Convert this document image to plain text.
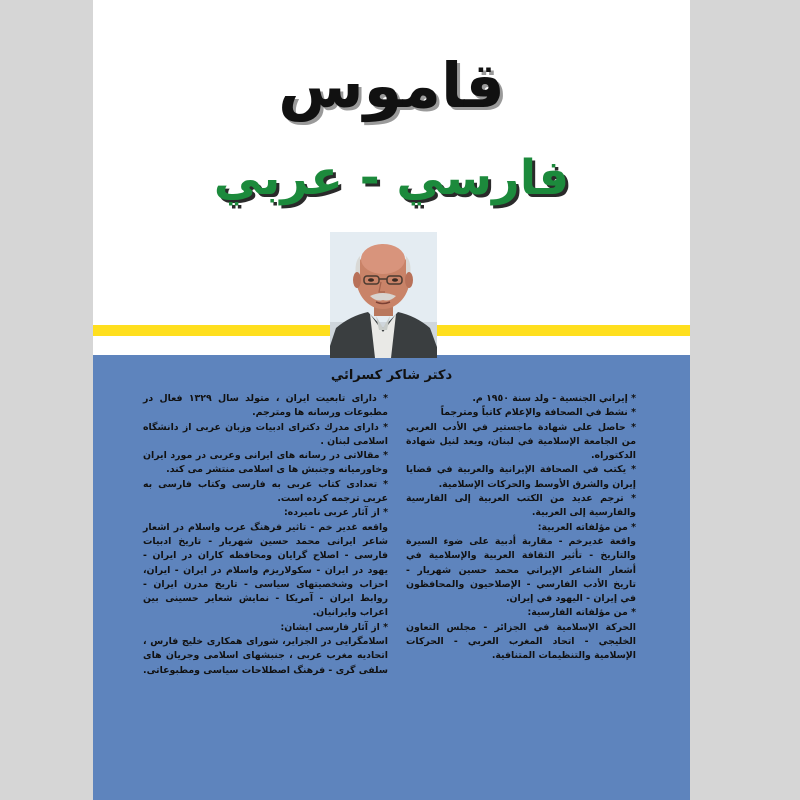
قاموس
فارسي - عربي
دكتر شاكر كسرائي
* داراى تابعيت ايران ، متولد سال ١٣٢٩ فعال در مطبوعات ورسانه ها ومترجم.
* داراى مدرك دكتراى ادبيات وزبان عربى از دانشگاه اسلامى لبنان .
* مقالاتى در رسانه هاى ايرانى وعربى در مورد ايران وخاورميانه وجنبش ها ى اسلامى منتشر مى كند.
* تعدادى كتاب عربى به فارسى وكتاب فارسى به عربى ترجمه كرده است.
* از آثار عربى ناميرده:
واقعه غدير خم - تاثير فرهنگ عرب واسلام در اشعار شاعر ايرانى محمد حسين شهريار - تاريخ ادبيات فارسى - اصلاح گرايان ومحافظه كاران در ايران - يهود در ايران - سكولاريزم واسلام در ايران - ايران، احزاب وشخصيتهاى سياسى - تاريخ مدرن ايران - روابط ايران - آمريكا - نمايش شعاير حسينى بين اعراب وايرانيان.
* از آثار فارسى ايشان:
اسلامگرايى در الجزاير، شوراى همكارى خليج فارس ، اتحاديه مغرب عربى ، جنبشهاى اسلامى وجريان هاى سلفى گرى - فرهنگ اصطلاحات سياسى ومطبوعاتى.
* إيراني الجنسية - ولد سنة ١٩٥٠ م.
* نشط في الصحافة والإعلام كاتباً ومترجماً
* حاصل على شهادة ماجستير في الأدب العربي من الجامعة الإسلامية في لبنان، ويعد لنيل شهادة الدكتوراه.
* يكتب في الصحافة الإيرانية والعربية في قضايا إيران والشرق الأوسط والحركات الإسلامية.
* ترجم عديد من الكتب العربية إلى الفارسية والفارسية إلى العربية.
* من مؤلفاته العربية:
واقعة غديرخم - مقاربة أدبية على ضوء السيرة والتاريخ - تأثير الثقافة العربية والإسلامية في أشعار الشاعر الإيراني محمد حسين شهريار - تاريخ الأدب الفارسي - الإصلاحيون والمحافظون في إيران - اليهود في إيران.
* من مؤلفاته الفارسية:
الحركة الإسلامية في الجزائر - مجلس التعاون الخليجي - اتحاد المغرب العربي - الحركات الإسلامية والتنظيمات المتنافية.
